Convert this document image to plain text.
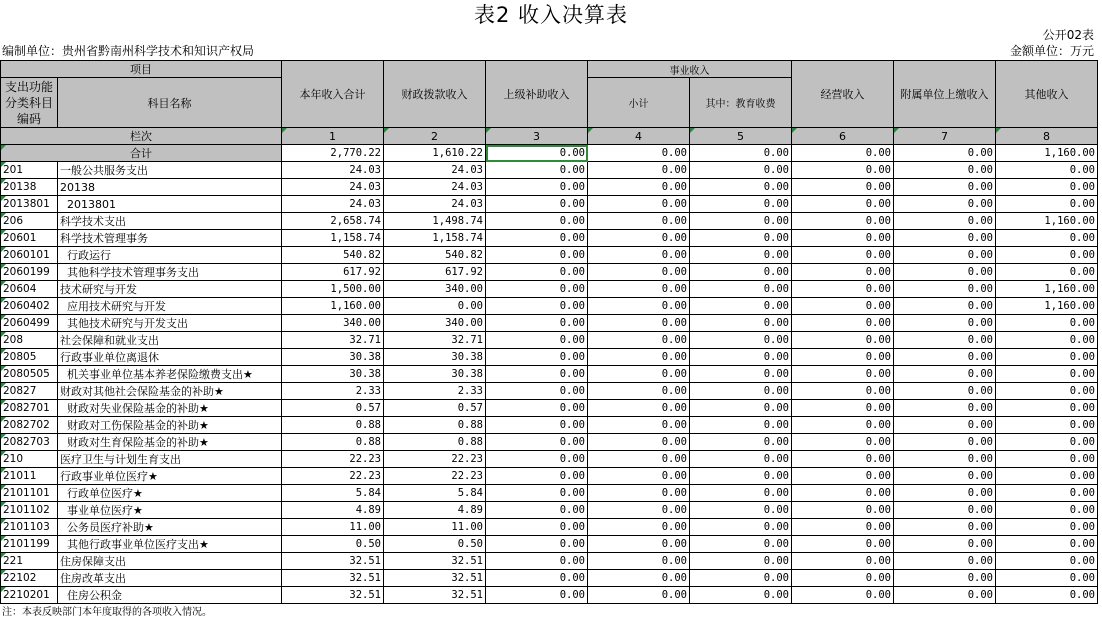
表2 收入决算表
公开02表
编制单位：贵州省黔南州科学技术和知识产权局	金额单位：万元
项目		本年收入合计	财政拨款收入	上级补助收入	事业收入		经营收入	附属单位上缴收入	其他收入
支出功能分类科目编码	科目名称				小计	其中：教育收费			

栏次		1	2	3	4	5	6	7	8
合计		2,770.22	1,610.22	0.00	0.00	0.00	0.00	0.00	1,160.00
201	一般公共服务支出	24.03	24.03	0.00	0.00	0.00	0.00	0.00	0.00
20138	20138	24.03	24.03	0.00	0.00	0.00	0.00	0.00	0.00
2013801	2013801	24.03	24.03	0.00	0.00	0.00	0.00	0.00	0.00
206	科学技术支出	2,658.74	1,498.74	0.00	0.00	0.00	0.00	0.00	1,160.00
20601	科学技术管理事务	1,158.74	1,158.74	0.00	0.00	0.00	0.00	0.00	0.00
2060101	行政运行	540.82	540.82	0.00	0.00	0.00	0.00	0.00	0.00
2060199	其他科学技术管理事务支出	617.92	617.92	0.00	0.00	0.00	0.00	0.00	0.00
20604	技术研究与开发	1,500.00	340.00	0.00	0.00	0.00	0.00	0.00	1,160.00
2060402	应用技术研究与开发	1,160.00	0.00	0.00	0.00	0.00	0.00	0.00	1,160.00
2060499	其他技术研究与开发支出	340.00	340.00	0.00	0.00	0.00	0.00	0.00	0.00
208	社会保障和就业支出	32.71	32.71	0.00	0.00	0.00	0.00	0.00	0.00
20805	行政事业单位离退休	30.38	30.38	0.00	0.00	0.00	0.00	0.00	0.00
2080505	机关事业单位基本养老保险缴费支出★	30.38	30.38	0.00	0.00	0.00	0.00	0.00	0.00
20827	财政对其他社会保险基金的补助★	2.33	2.33	0.00	0.00	0.00	0.00	0.00	0.00
2082701	财政对失业保险基金的补助★	0.57	0.57	0.00	0.00	0.00	0.00	0.00	0.00
2082702	财政对工伤保险基金的补助★	0.88	0.88	0.00	0.00	0.00	0.00	0.00	0.00
2082703	财政对生育保险基金的补助★	0.88	0.88	0.00	0.00	0.00	0.00	0.00	0.00
210	医疗卫生与计划生育支出	22.23	22.23	0.00	0.00	0.00	0.00	0.00	0.00
21011	行政事业单位医疗★	22.23	22.23	0.00	0.00	0.00	0.00	0.00	0.00
2101101	行政单位医疗★	5.84	5.84	0.00	0.00	0.00	0.00	0.00	0.00
2101102	事业单位医疗★	4.89	4.89	0.00	0.00	0.00	0.00	0.00	0.00
2101103	公务员医疗补助★	11.00	11.00	0.00	0.00	0.00	0.00	0.00	0.00
2101199	其他行政事业单位医疗支出★	0.50	0.50	0.00	0.00	0.00	0.00	0.00	0.00
221	住房保障支出	32.51	32.51	0.00	0.00	0.00	0.00	0.00	0.00
22102	住房改革支出	32.51	32.51	0.00	0.00	0.00	0.00	0.00	0.00
2210201	住房公积金	32.51	32.51	0.00	0.00	0.00	0.00	0.00	0.00
注：本表反映部门本年度取得的各项收入情况。
